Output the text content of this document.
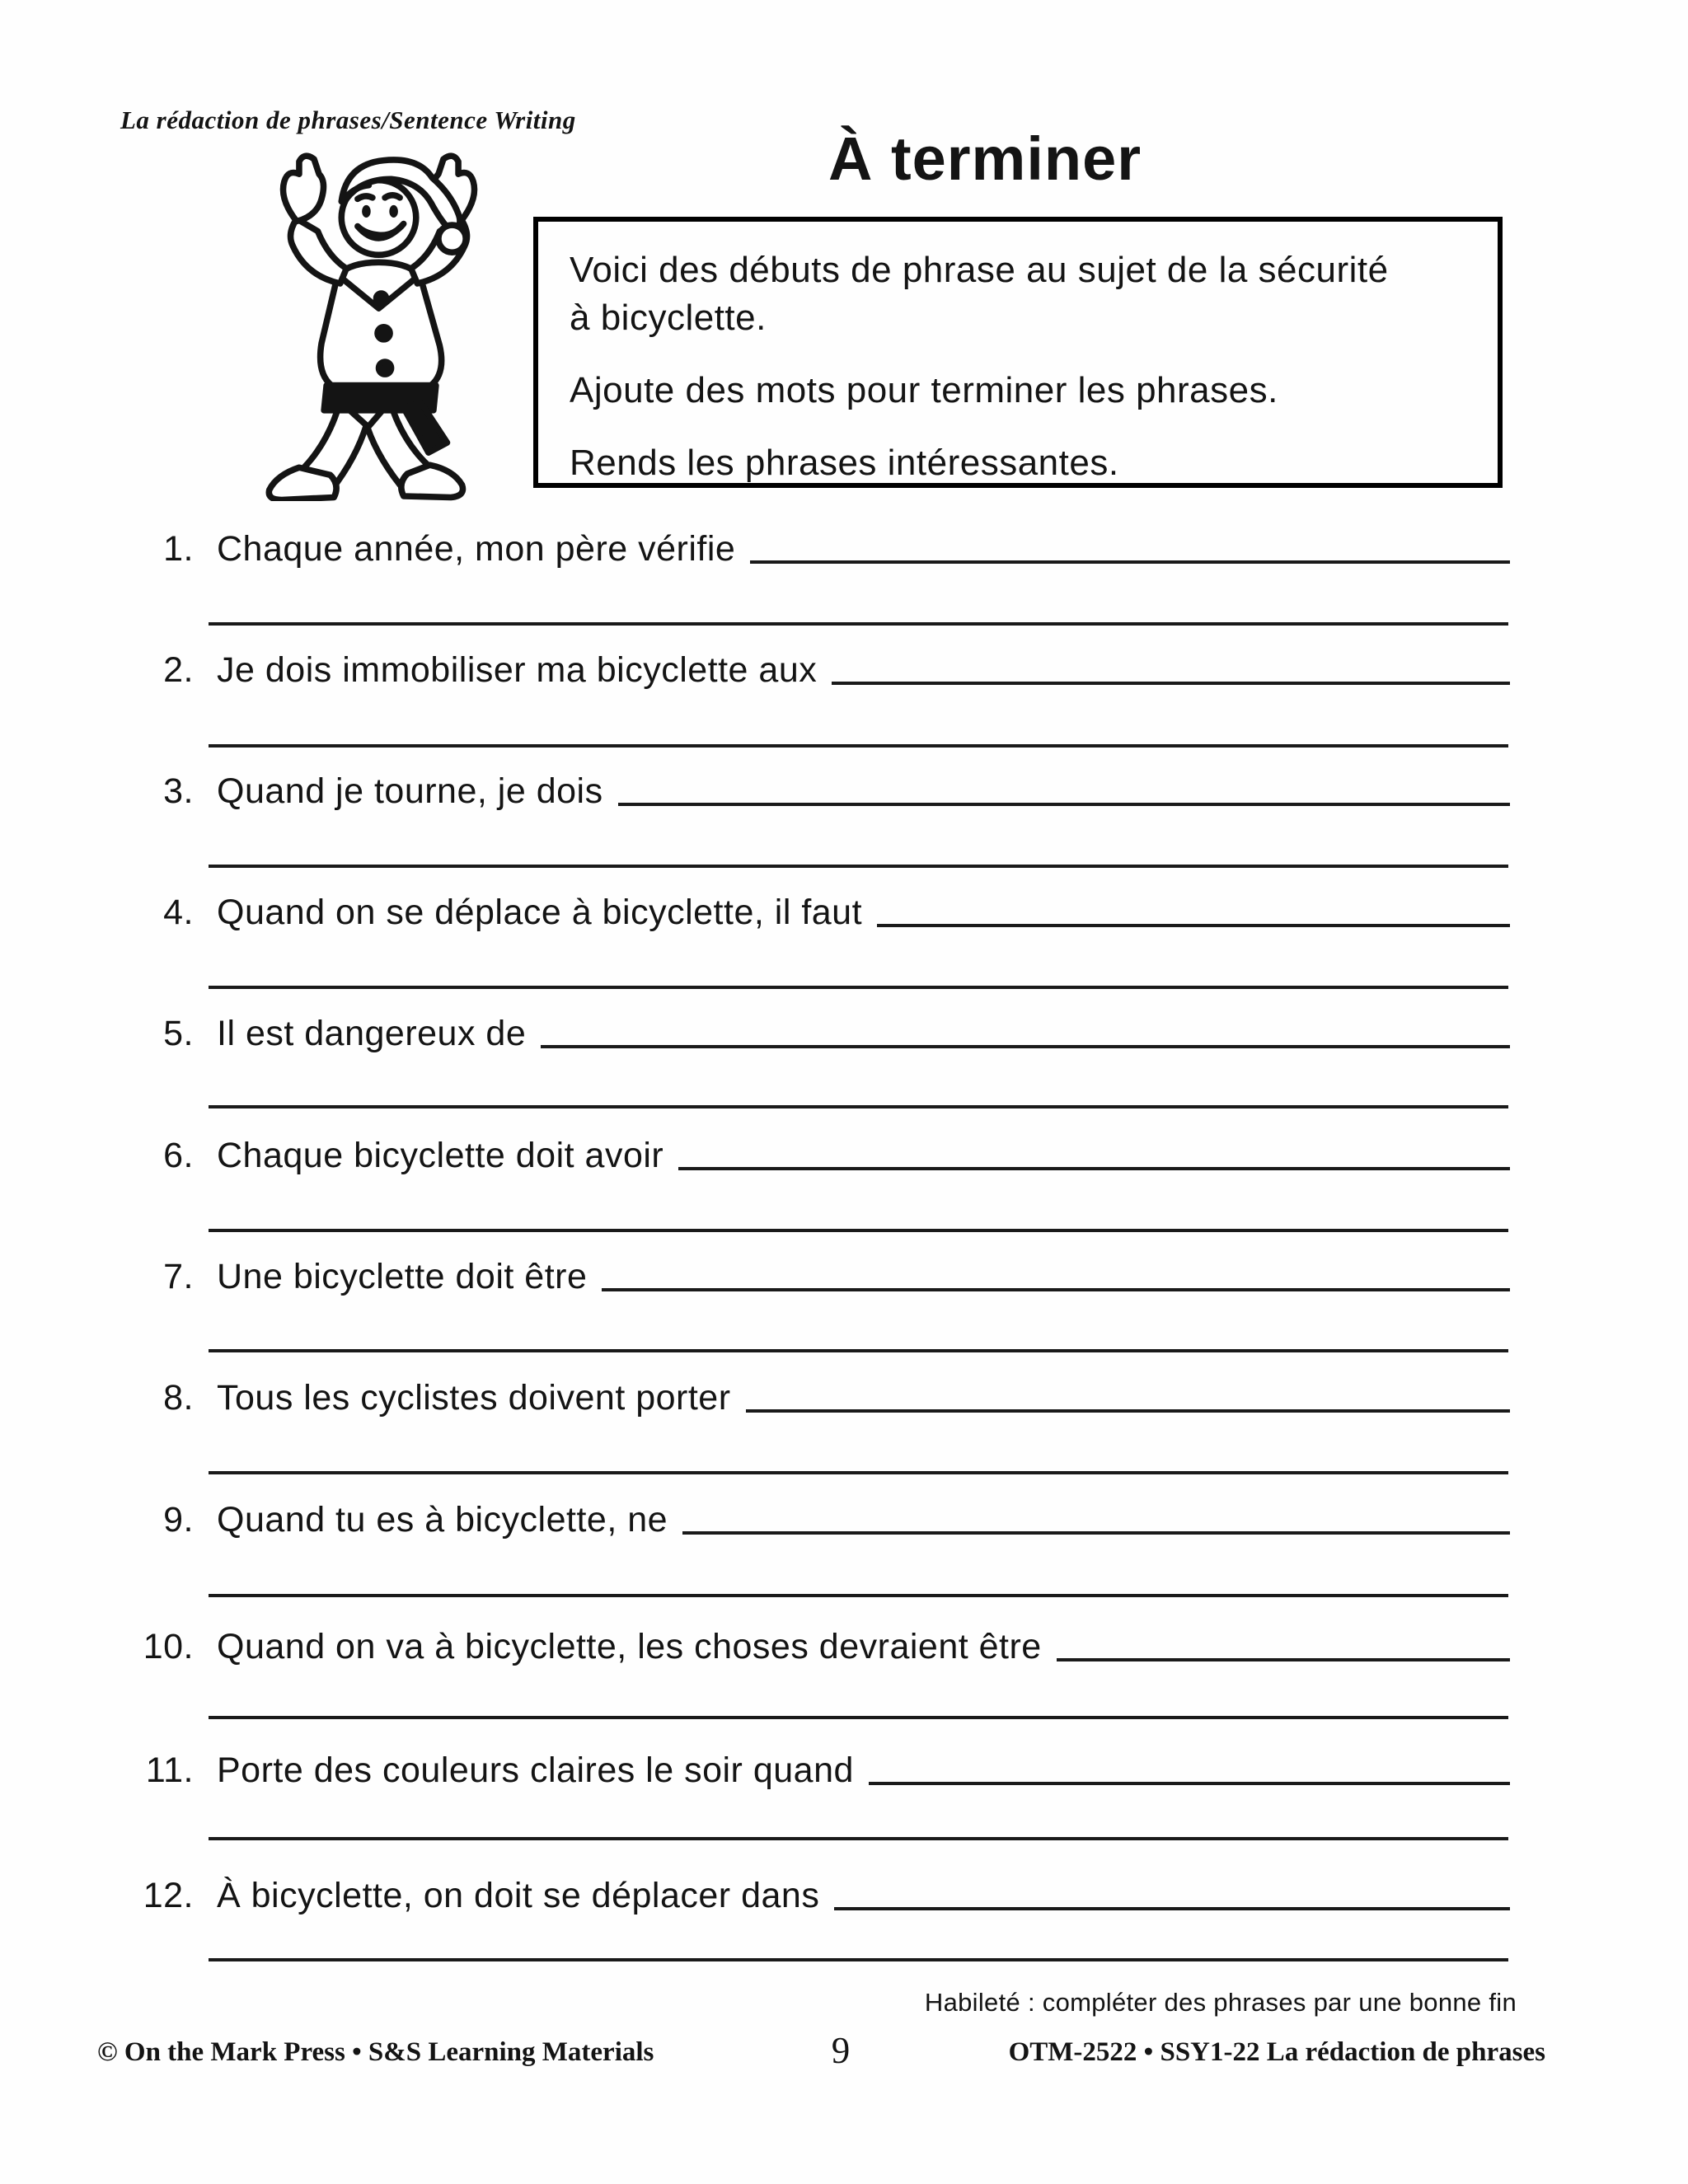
La rédaction de phrases/Sentence Writing
À terminer

Voici des débuts de phrase au sujet de la sécurité
à bicyclette.

Ajoute des mots pour terminer les phrases.

Rends les phrases intéressantes.

1. Chaque année, mon père vérifie
2. Je dois immobiliser ma bicyclette aux
3. Quand je tourne, je dois
4. Quand on se déplace à bicyclette, il faut
5. Il est dangereux de
6. Chaque bicyclette doit avoir
7. Une bicyclette doit être
8. Tous les cyclistes doivent porter
9. Quand tu es à bicyclette, ne
10. Quand on va à bicyclette, les choses devraient être
11. Porte des couleurs claires le soir quand
12. À bicyclette, on doit se déplacer dans
Habileté : compléter des phrases par une bonne fin
© On the Mark Press • S&S Learning Materials	9	OTM-2522 • SSY1-22 La rédaction de phrases
